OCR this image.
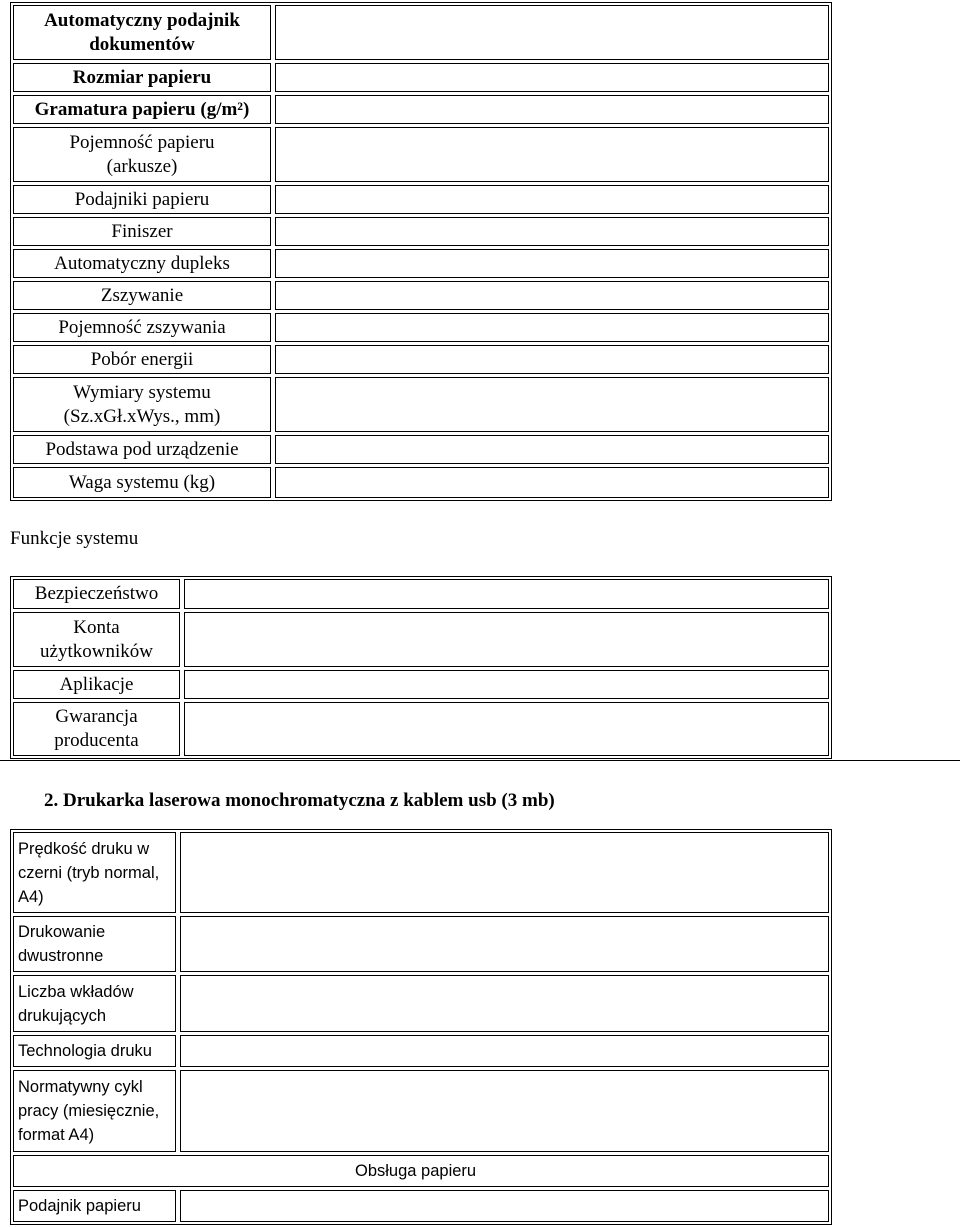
Automatyczny podajnik dokumentów
Rozmiar papieru
Gramatura papieru (g/m²)
Pojemność papieru (arkusze)
Podajniki papieru
Finiszer
Automatyczny dupleks
Zszywanie
Pojemność zszywania
Pobór energii
Wymiary systemu (Sz.xGł.xWys., mm)
Podstawa pod urządzenie
Waga systemu (kg)
Funkcje systemu
Bezpieczeństwo
Konta użytkowników
Aplikacje
Gwarancja producenta
2. Drukarka laserowa monochromatyczna z kablem usb (3 mb)
Prędkość druku w czerni (tryb normal, A4)
Drukowanie dwustronne
Liczba wkładów drukujących
Technologia druku
Normatywny cykl pracy (miesięcznie, format A4)
Obsługa papieru
Podajnik papieru
